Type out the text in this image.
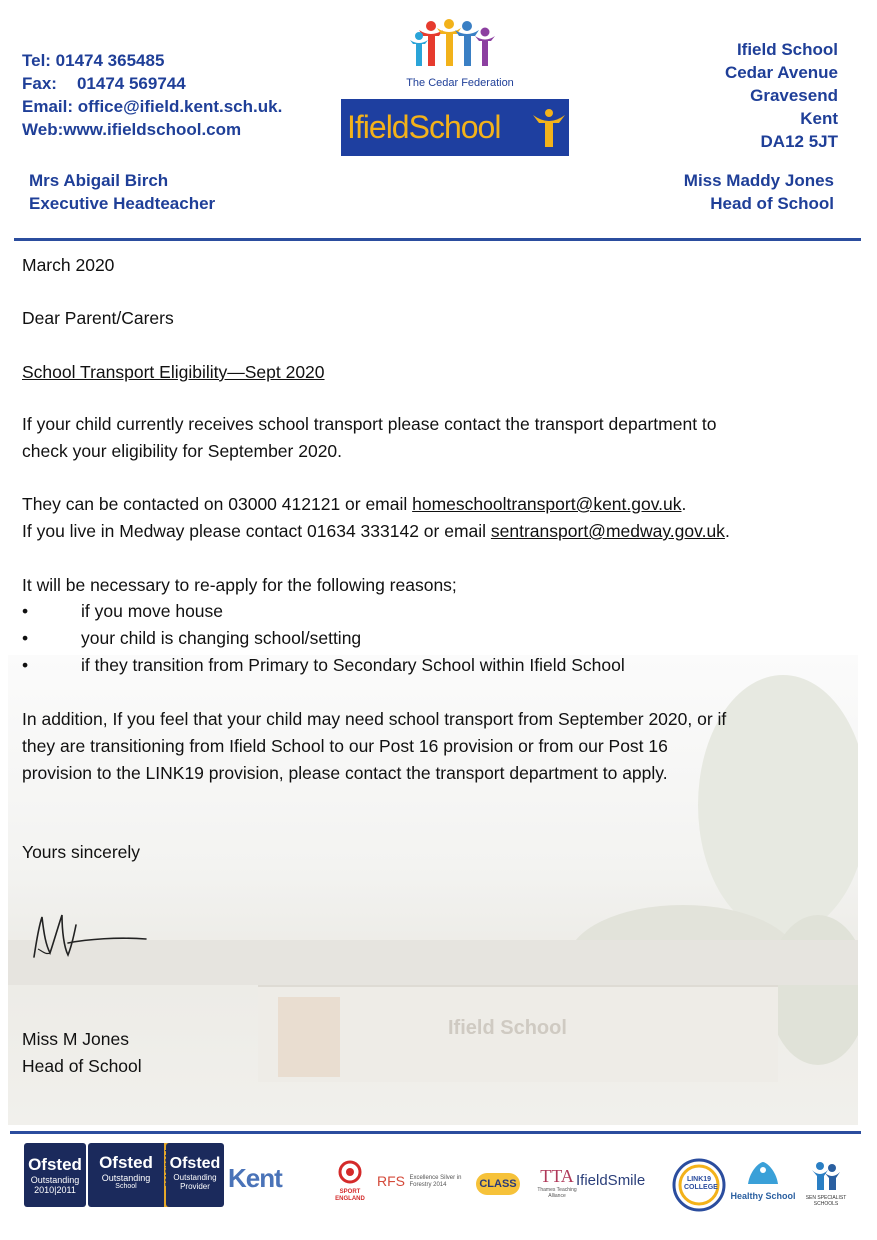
Tel: 01474 365485
Fax: 01474 569744
Email: office@ifield.kent.sch.uk.
Web:www.ifieldschool.com
The Cedar Federation
IfieldSchool
Ifield School
Cedar Avenue
Gravesend
Kent
DA12 5JT
Mrs Abigail Birch
Executive Headteacher
Miss Maddy Jones
Head of School
Ifield School
March 2020
Dear Parent/Carers
School Transport Eligibility—Sept 2020
If your child currently receives school transport please contact the transport department to
check your eligibility for September 2020.
They can be contacted on 03000 412121 or email homeschooltransport@kent.gov.uk.
If you live in Medway please contact 01634 333142 or email sentransport@medway.gov.uk.
It will be necessary to re-apply for the following reasons;
•	if you move house
•	your child is changing school/setting
•	if they transition from Primary to Secondary School within Ifield School
In addition, If you feel that your child may need school transport from September 2020, or if
they are transitioning from Ifield School to our Post 16 provision or from our Post 16
provision to the LINK19 provision, please contact the transport department to apply.
Yours sincerely
Miss M Jones
Head of School
Ofsted
Outstanding
2010|2011
Ofsted
Outstanding
School
Ofsted
Outstanding
Provider Kent	SPORT ENGLAND
RFS Excellence Silver in Forestry 2014	CLASS	TTA
Thames Teaching Alliance
IfieldSmile	LINK19 COLLEGE
Healthy School	SEN SPECIALIST SCHOOLS
